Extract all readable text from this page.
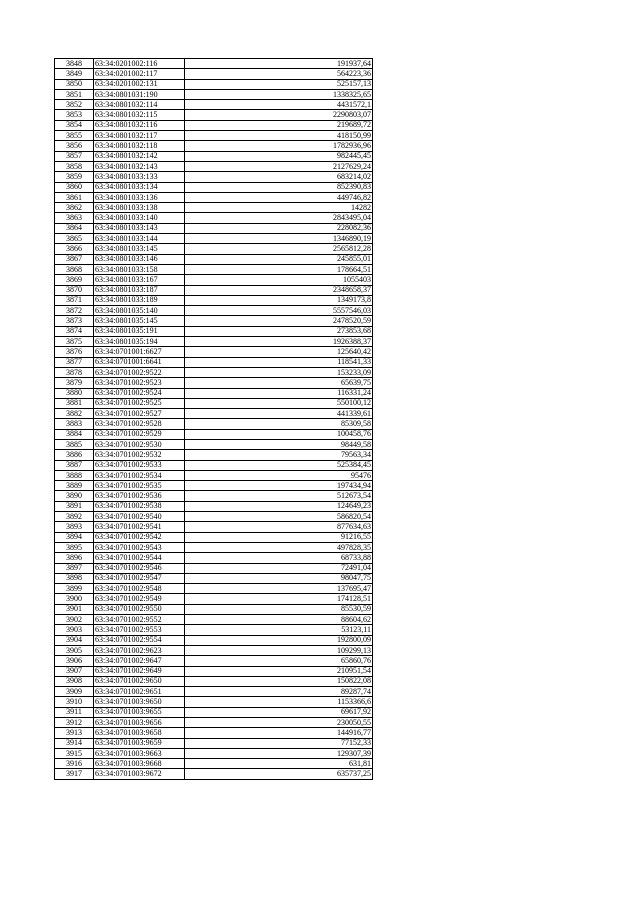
3848	63:34:0201002:116	191937,64
3849	63:34:0201002:117	564223,36
3850	63:34:0201002:131	525157,13
3851	63:34:0801031:190	1338325,65
3852	63:34:0801032:114	4431572,1
3853	63:34:0801032:115	2290803,07
3854	63:34:0801032:116	219689,72
3855	63:34:0801032:117	418150,99
3856	63:34:0801032:118	1782936,96
3857	63:34:0801032:142	982445,45
3858	63:34:0801032:143	2127629,24
3859	63:34:0801033:133	683214,02
3860	63:34:0801033:134	852390,83
3861	63:34:0801033:136	449746,82
3862	63:34:0801033:138	14282
3863	63:34:0801033:140	2843495,04
3864	63:34:0801033:143	228082,36
3865	63:34:0801033:144	1346890,19
3866	63:34:0801033:145	2565812,28
3867	63:34:0801033:146	245855,01
3868	63:34:0801033:158	178664,51
3869	63:34:0801033:167	1055403
3870	63:34:0801033:187	2348658,37
3871	63:34:0801033:189	1349173,8
3872	63:34:0801035:140	5557546,03
3873	63:34:0801035:145	2478520,59
3874	63:34:0801035:191	273853,68
3875	63:34:0801035:194	1926388,37
3876	63:34:0701001:6627	125640,42
3877	63:34:0701001:6641	118541,33
3878	63:34:0701002:9522	153233,09
3879	63:34:0701002:9523	65639,75
3880	63:34:0701002:9524	116331,24
3881	63:34:0701002:9525	550100,12
3882	63:34:0701002:9527	441339,61
3883	63:34:0701002:9528	85309,58
3884	63:34:0701002:9529	100458,76
3885	63:34:0701002:9530	98449,58
3886	63:34:0701002:9532	79563,34
3887	63:34:0701002:9533	525384,45
3888	63:34:0701002:9534	95476
3889	63:34:0701002:9535	197434,94
3890	63:34:0701002:9536	512673,54
3891	63:34:0701002:9538	124649,23
3892	63:34:0701002:9540	586820,54
3893	63:34:0701002:9541	877634,63
3894	63:34:0701002:9542	91216,55
3895	63:34:0701002:9543	497828,35
3896	63:34:0701002:9544	68733,88
3897	63:34:0701002:9546	72491,04
3898	63:34:0701002:9547	98047,75
3899	63:34:0701002:9548	137695,47
3900	63:34:0701002:9549	174128,51
3901	63:34:0701002:9550	85530,59
3902	63:34:0701002:9552	88604,62
3903	63:34:0701002:9553	53123,11
3904	63:34:0701002:9554	192800,09
3905	63:34:0701002:9623	109299,13
3906	63:34:0701002:9647	65860,76
3907	63:34:0701002:9649	210951,54
3908	63:34:0701002:9650	150822,08
3909	63:34:0701002:9651	89287,74
3910	63:34:0701003:9650	1153366,6
3911	63:34:0701003:9655	69617,92
3912	63:34:0701003:9656	230050,55
3913	63:34:0701003:9658	144916,77
3914	63:34:0701003:9659	77152,33
3915	63:34:0701003:9663	129307,39
3916	63:34:0701003:9668	631,81
3917	63:34:0701003:9672	635737,25
